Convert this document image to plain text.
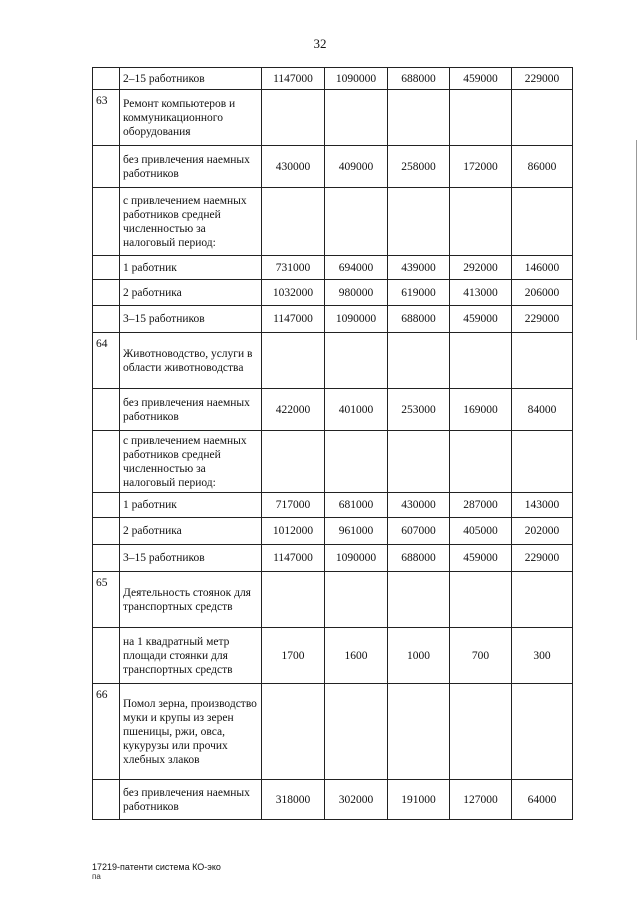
32
	2–15 работников	1147000	1090000	688000	459000	229000
63	Ремонт компьютеров и коммуникационного оборудования					
	без привлечения наемных работников	430000	409000	258000	172000	86000
	с привлечением наемных работников средней численностью за налоговый период:					
	1 работник	731000	694000	439000	292000	146000
	2 работника	1032000	980000	619000	413000	206000
	3–15 работников	1147000	1090000	688000	459000	229000
64	Животноводство, услуги в области животноводства					
	без привлечения наемных работников	422000	401000	253000	169000	84000
	с привлечением наемных работников средней численностью за налоговый период:					
	1 работник	717000	681000	430000	287000	143000
	2 работника	1012000	961000	607000	405000	202000
	3–15 работников	1147000	1090000	688000	459000	229000
65	Деятельность стоянок для транспортных средств					
	на 1 квадратный метр площади стоянки для транспортных средств	1700	1600	1000	700	300
66	Помол зерна, производство муки и крупы из зерен пшеницы, ржи, овса, кукурузы или прочих хлебных злаков					
	без привлечения наемных работников	318000	302000	191000	127000	64000
17219-патенти система КО-эко
па
